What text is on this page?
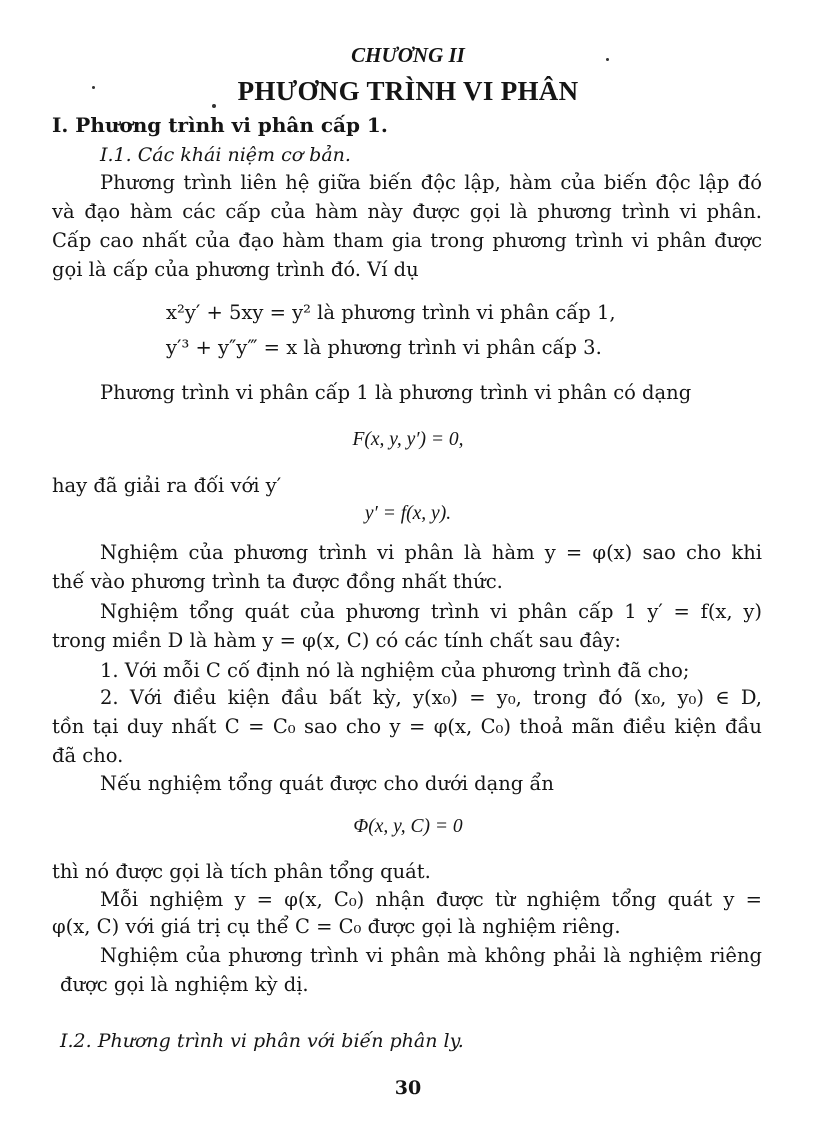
CHƯƠNG II
PHƯƠNG TRÌNH VI PHÂN
I. Phương trình vi phân cấp 1.
I.1. Các khái niệm cơ bản.
Phương trình liên hệ giữa biến độc lập, hàm của biến độc lập đó
và đạo hàm các cấp của hàm này được gọi là phương trình vi phân.
Cấp cao nhất của đạo hàm tham gia trong phương trình vi phân được
gọi là cấp của phương trình đó. Ví dụ
x²y′ + 5xy = y² là phương trình vi phân cấp 1,
y′³ + y″y‴ = x là phương trình vi phân cấp 3.
Phương trình vi phân cấp 1 là phương trình vi phân có dạng
F(x, y, y′) = 0,
hay đã giải ra đối với y′
y′ = f(x, y).
Nghiệm của phương trình vi phân là hàm y = φ(x) sao cho khi
thế vào phương trình ta được đồng nhất thức.
Nghiệm tổng quát của phương trình vi phân cấp 1 y′ = f(x, y)
trong miền D là hàm y = φ(x, C) có các tính chất sau đây:
1. Với mỗi C cố định nó là nghiệm của phương trình đã cho;
2. Với điều kiện đầu bất kỳ, y(x₀) = y₀, trong đó (x₀, y₀) ∈ D,
tồn tại duy nhất C = C₀ sao cho y = φ(x, C₀) thoả mãn điều kiện đầu
đã cho.
Nếu nghiệm tổng quát được cho dưới dạng ẩn
Φ(x, y, C) = 0
thì nó được gọi là tích phân tổng quát.
Mỗi nghiệm y = φ(x, C₀) nhận được từ nghiệm tổng quát y =
φ(x, C) với giá trị cụ thể C = C₀ được gọi là nghiệm riêng.
Nghiệm của phương trình vi phân mà không phải là nghiệm riêng
được gọi là nghiệm kỳ dị.
I.2. Phương trình vi phân với biến phân ly.
30
